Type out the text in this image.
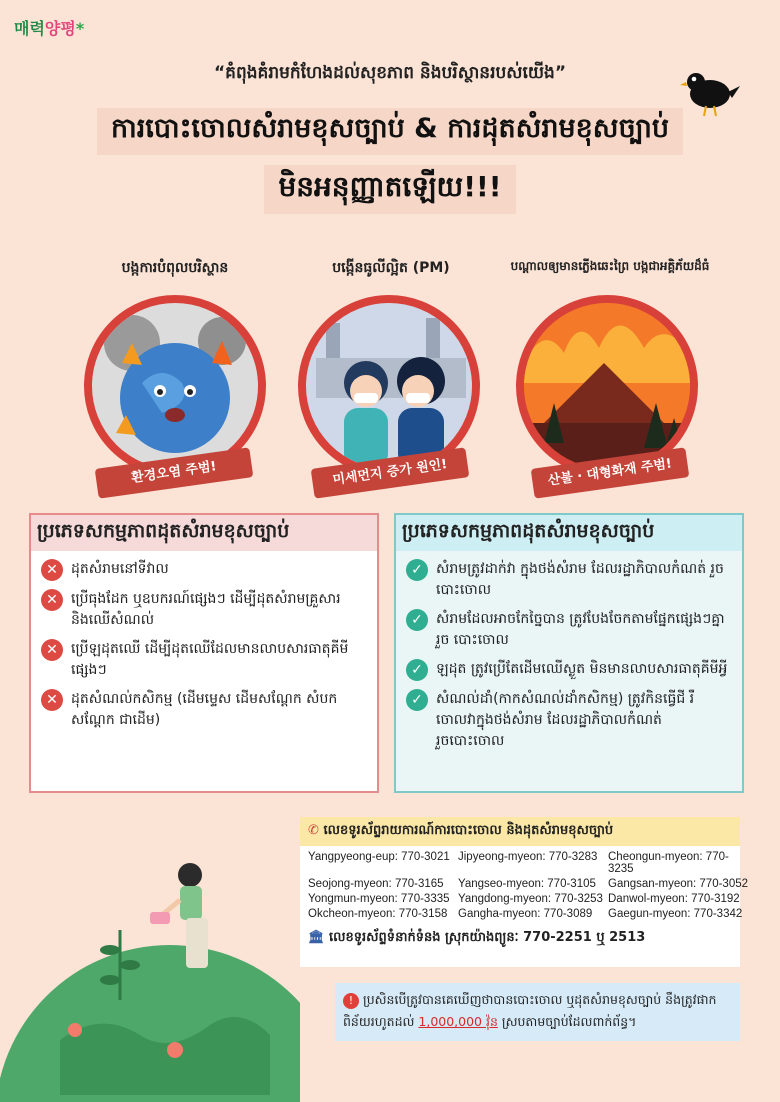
매력양평*
“គំពុងគំរាមកំហែងដល់សុខភាព និងបរិស្ថានរបស់យើង”
ការបោះចោលសំរាមខុសច្បាប់ & ការដុតសំរាមខុសច្បាប់
មិនអនុញ្ញាតឡើយ!!!
បង្កការបំពុលបរិស្ថាន	បង្កើនធូលីល្អិត (PM)	បណ្តាលឲ្យមានភ្លើងឆេះព្រៃ បង្កជាអគ្គិភ័យដ៏ធំ
환경오염 주범!	미세먼지 증가 원인!	산불 · 대형화재 주범!
ប្រភេទសកម្មភាពដុតសំរាមខុសច្បាប់
✕ ដុតសំរាមនៅទីវាល
✕ ប្រើធុងដែក ឬឧបករណ៍ផ្សេងៗ ដើម្បីដុតសំរាមគ្រួសារ និងឈើសំណល់
✕ ប្រើឡដុតឈើ ដើម្បីដុតឈើដែលមានលាបសារធាតុគីមីផ្សេងៗ
✕ ដុតសំណល់កសិកម្ម (ដើមម្ទេស ដើមសណ្តែក សំបកសណ្តែក ជាដើម)
ប្រភេទសកម្មភាពដុតសំរាមខុសច្បាប់
✓ សំរាមត្រូវដាក់វា ក្នុងថង់សំរាម ដែលរដ្ឋាភិបាលកំណត់ រួច បោះចោល
✓ សំរាមដែលអាចកែច្នៃបាន ត្រូវបែងចែកតាមផ្នែកផ្សេងៗគ្នា រួច បោះចោល
✓ ឡដុត ត្រូវប្រើតែដើមឈើស្ងួត មិនមានលាបសារធាតុគីមីអ្វី
✓ សំណល់ដាំ(កាកសំណល់ដាំកសិកម្ម) ត្រូវកិនធ្វើជី រឺ ចោលវាក្នុងថង់សំរាម ដែលរដ្ឋាភិបាលកំណត់ រួចបោះចោល
✆ លេខទូរស័ព្ទរាយការណ៍ការបោះចោល និងដុតសំរាមខុសច្បាប់
Yangpyeong-eup: 770-3021 Jipyeong-myeon: 770-3283 Cheongun-myeon: 770-3235
Seojong-myeon: 770-3165	Yangseo-myeon: 770-3105	Gangsan-myeon: 770-3052
Yongmun-myeon: 770-3335 Yangdong-myeon: 770-3253 Danwol-myeon: 770-3192
Okcheon-myeon: 770-3158 Gangha-myeon: 770-3089	Gaegun-myeon: 770-3342
🏛 លេខទូរស័ព្ទទំនាក់ទំនង ស្រុកយ៉ាងព្យូនៈ 770-2251 ឬ 2513
! ប្រសិនបើត្រូវបានគេឃើញថាបានបោះចោល ឬដុតសំរាមខុសច្បាប់ នឹងត្រូវផាកពិន័យរហូតដល់ 1,000,000 វ៉ុន ស្របតាមច្បាប់ដែលពាក់ព័ន្ធ។
